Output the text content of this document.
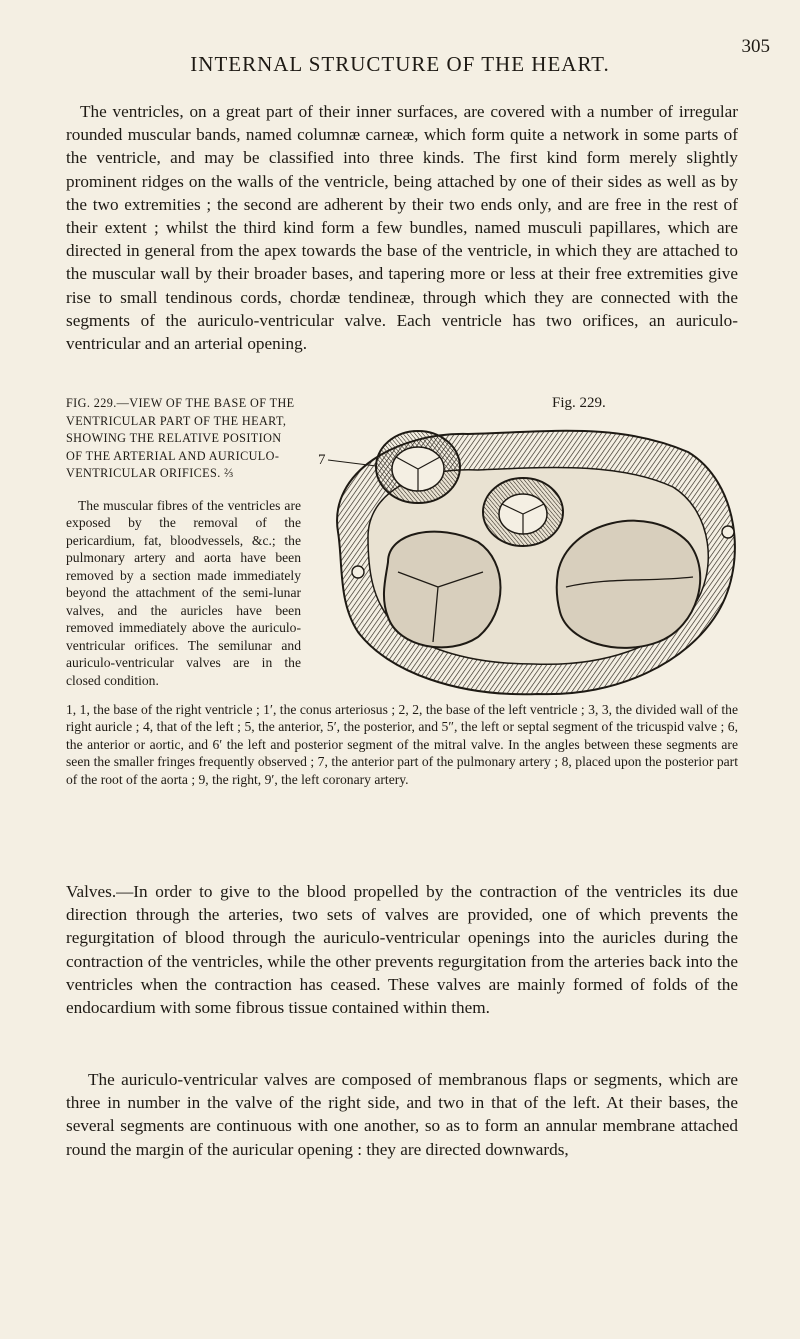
INTERNAL STRUCTURE OF THE HEART.
305

The ventricles, on a great part of their inner surfaces, are covered with a number of irregular rounded muscular bands, named columnæ carneæ, which form quite a network in some parts of the ventricle, and may be classified into three kinds. The first kind form merely slightly prominent ridges on the walls of the ventricle, being attached by one of their sides as well as by the two extremities ; the second are adherent by their two ends only, and are free in the rest of their extent ; whilst the third kind form a few bundles, named musculi papillares, which are directed in general from the apex towards the base of the ventricle, in which they are attached to the muscular wall by their broader bases, and tapering more or less at their free extremities give rise to small tendinous cords, chordæ tendineæ, through which they are connected with the segments of the auriculo-ventricular valve. Each ventricle has two orifices, an auriculo-ventricular and an arterial opening.

FIG. 229.—VIEW OF THE BASE OF THE VENTRICULAR PART OF THE HEART, SHOWING THE RELATIVE POSITION OF THE ARTERIAL AND AURICULO-VENTRICULAR ORIFICES. ⅔
The muscular fibres of the ventricles are exposed by the removal of the pericardium, fat, bloodvessels, &c.; the pulmonary artery and aorta have been removed by a section made immediately beyond the attachment of the semi-lunar valves, and the auricles have been removed immediately above the auriculo-ventricular orifices. The semilunar and auriculo-ventricular valves are in the closed condition.
Fig. 229.
7

1, 1, the base of the right ventricle ; 1′, the conus arteriosus ; 2, 2, the base of the left ventricle ; 3, 3, the divided wall of the right auricle ; 4, that of the left ; 5, the anterior, 5′, the posterior, and 5″, the left or septal segment of the tricuspid valve ; 6, the anterior or aortic, and 6′ the left and posterior segment of the mitral valve. In the angles between these segments are seen the smaller fringes frequently observed ; 7, the anterior part of the pulmonary artery ; 8, placed upon the posterior part of the root of the aorta ; 9, the right, 9′, the left coronary artery.

Valves.—In order to give to the blood propelled by the contraction of the ventricles its due direction through the arteries, two sets of valves are provided, one of which prevents the regurgitation of blood through the auriculo-ventricular openings into the auricles during the contraction of the ventricles, while the other prevents regurgitation from the arteries back into the ventricles when the contraction has ceased. These valves are mainly formed of folds of the endocardium with some fibrous tissue contained within them.

The auriculo-ventricular valves are composed of membranous flaps or segments, which are three in number in the valve of the right side, and two in that of the left. At their bases, the several segments are continuous with one another, so as to form an annular membrane attached round the margin of the auricular opening : they are directed downwards,
